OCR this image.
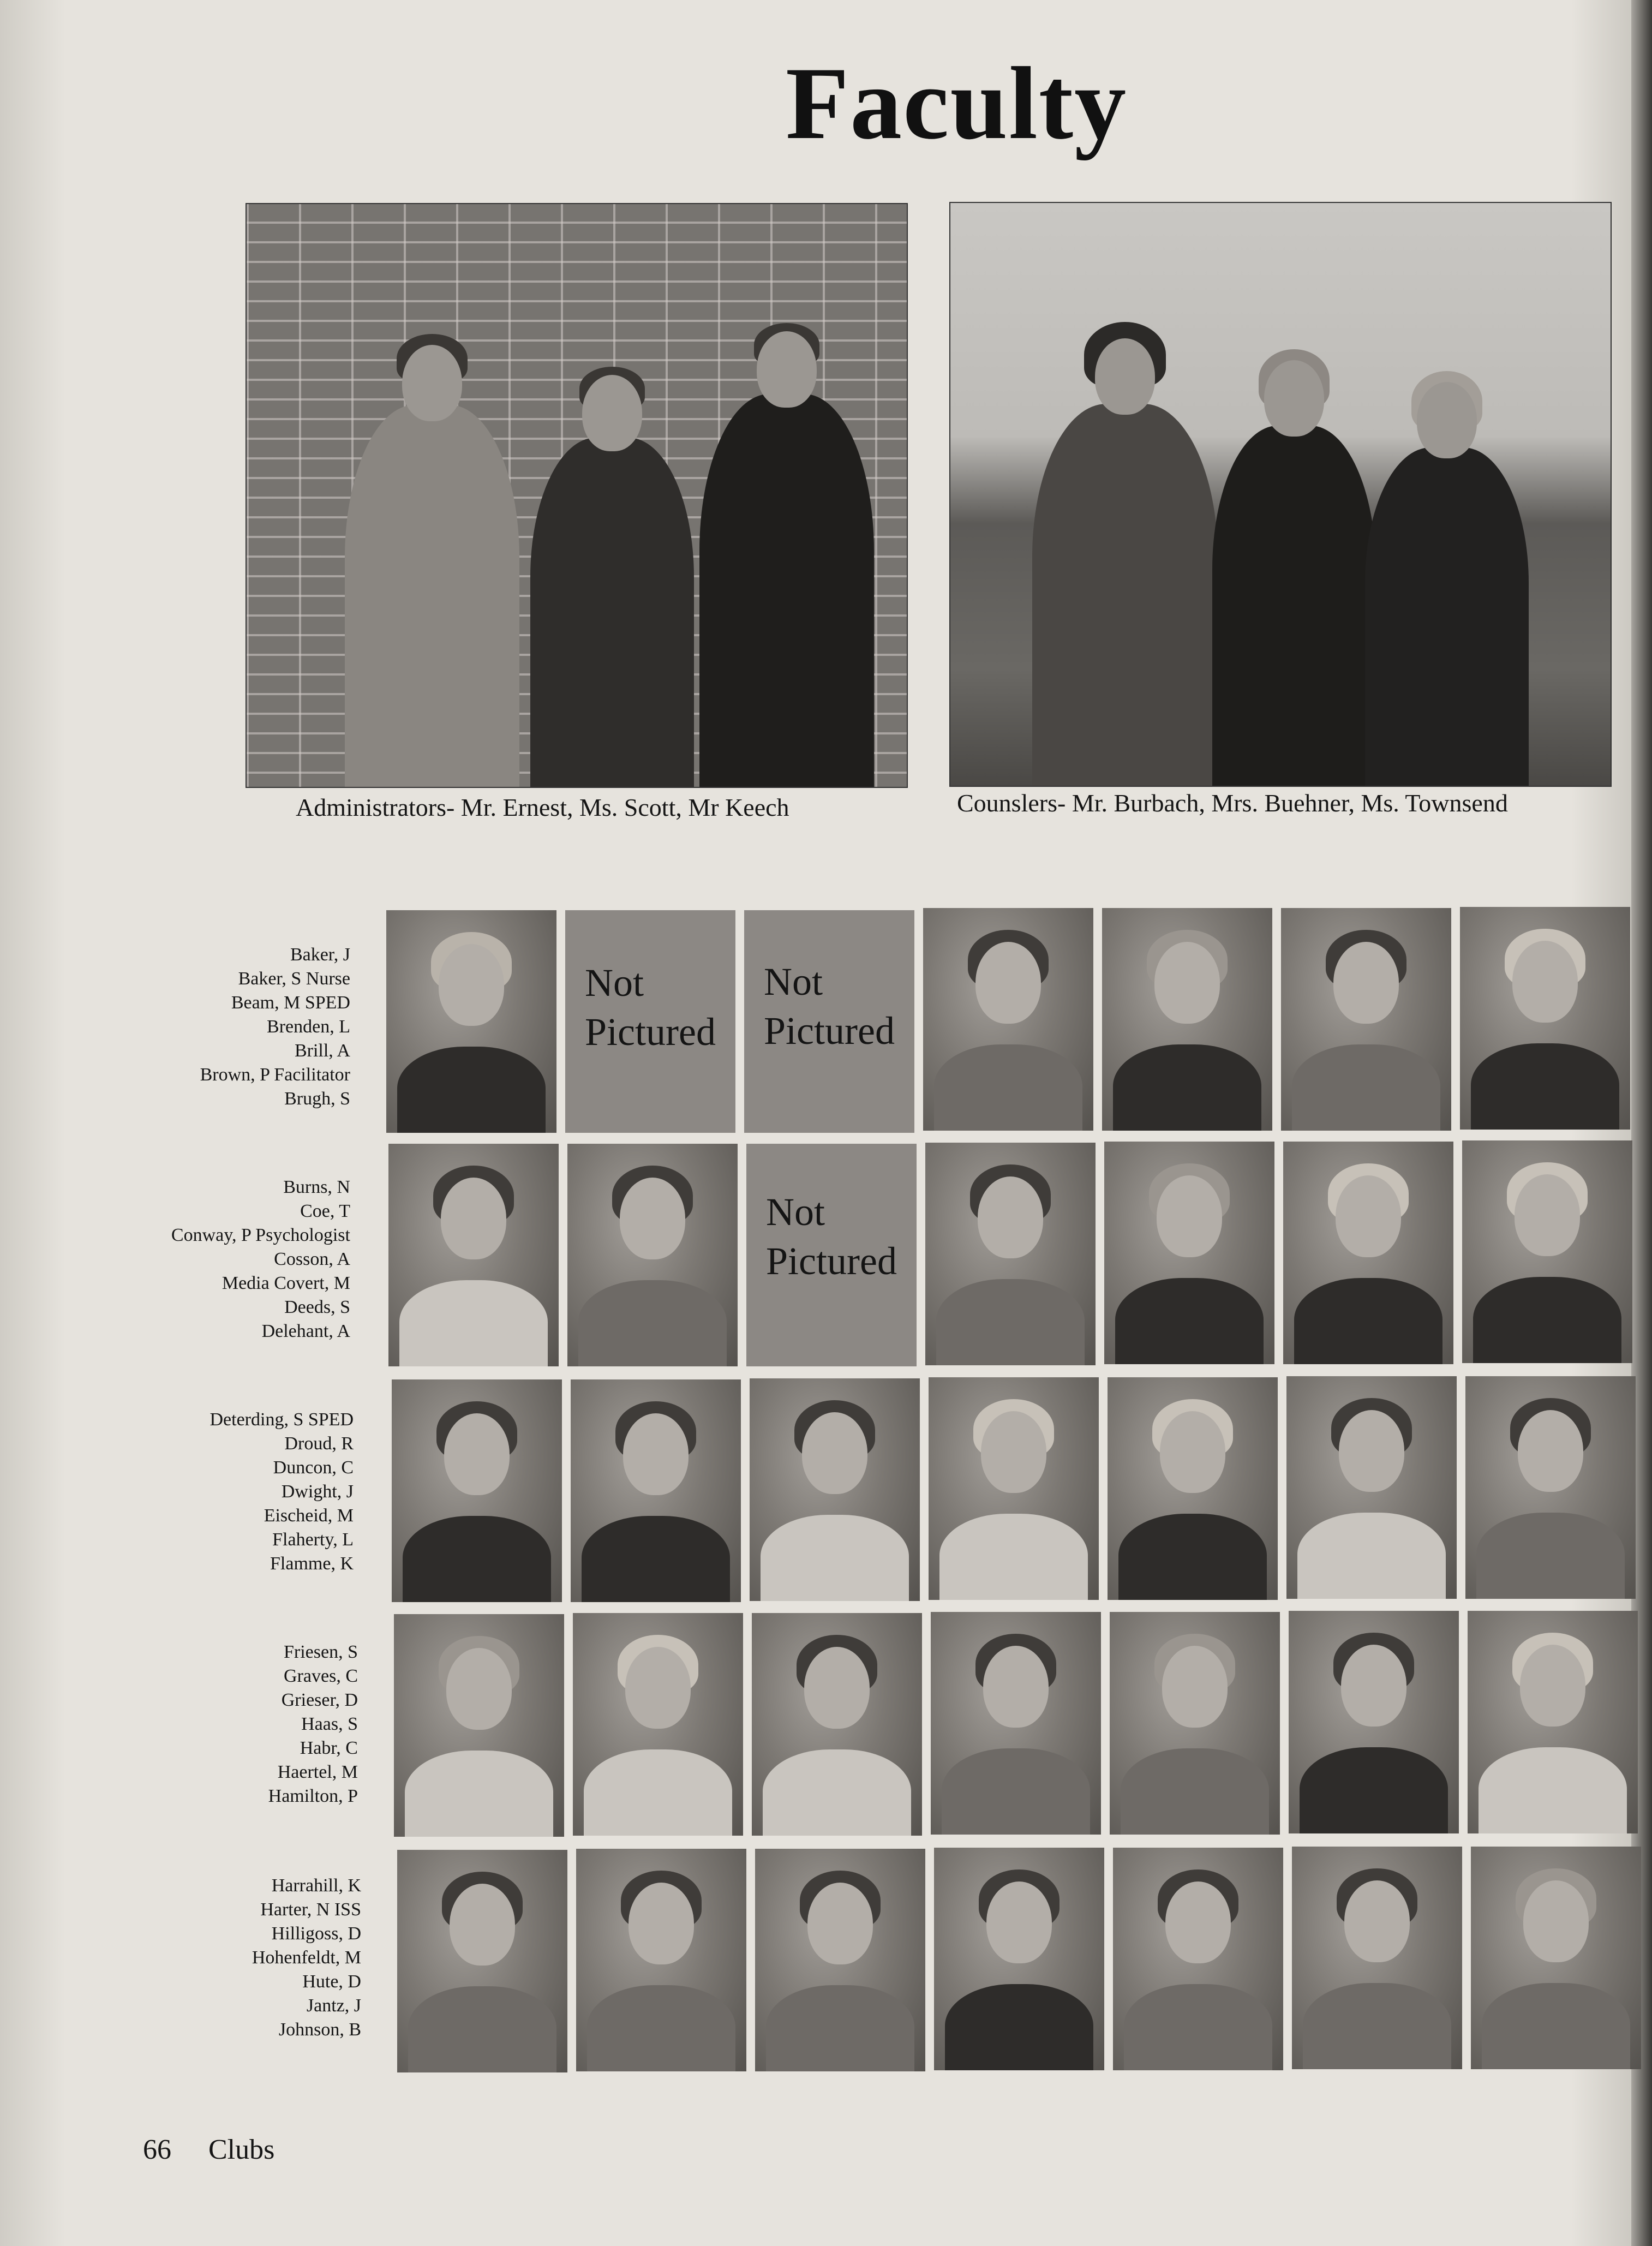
Faculty
Administrators- Mr. Ernest, Ms. Scott, Mr Keech	Counslers- Mr. Burbach, Mrs. Buehner, Ms. Townsend
Baker, J
Baker, S Nurse
Beam, M SPED
Brenden, L
Brill, A
Brown, P Facilitator
Brugh, S
Not
Pictured
Not
Pictured
Burns, N
Coe, T
Conway, P Psychologist
Cosson, A
Media Covert, M
Deeds, S
Delehant, A
Not
Pictured
Deterding, S SPED
Droud, R
Duncon, C
Dwight, J
Eischeid, M
Flaherty, L
Flamme, K
Friesen, S
Graves, C
Grieser, D
Haas, S
Habr, C
Haertel, M
Hamilton, P
Harrahill, K
Harter, N ISS
Hilligoss, D
Hohenfeldt, M
Hute, D
Jantz, J
Johnson, B
66 Clubs
